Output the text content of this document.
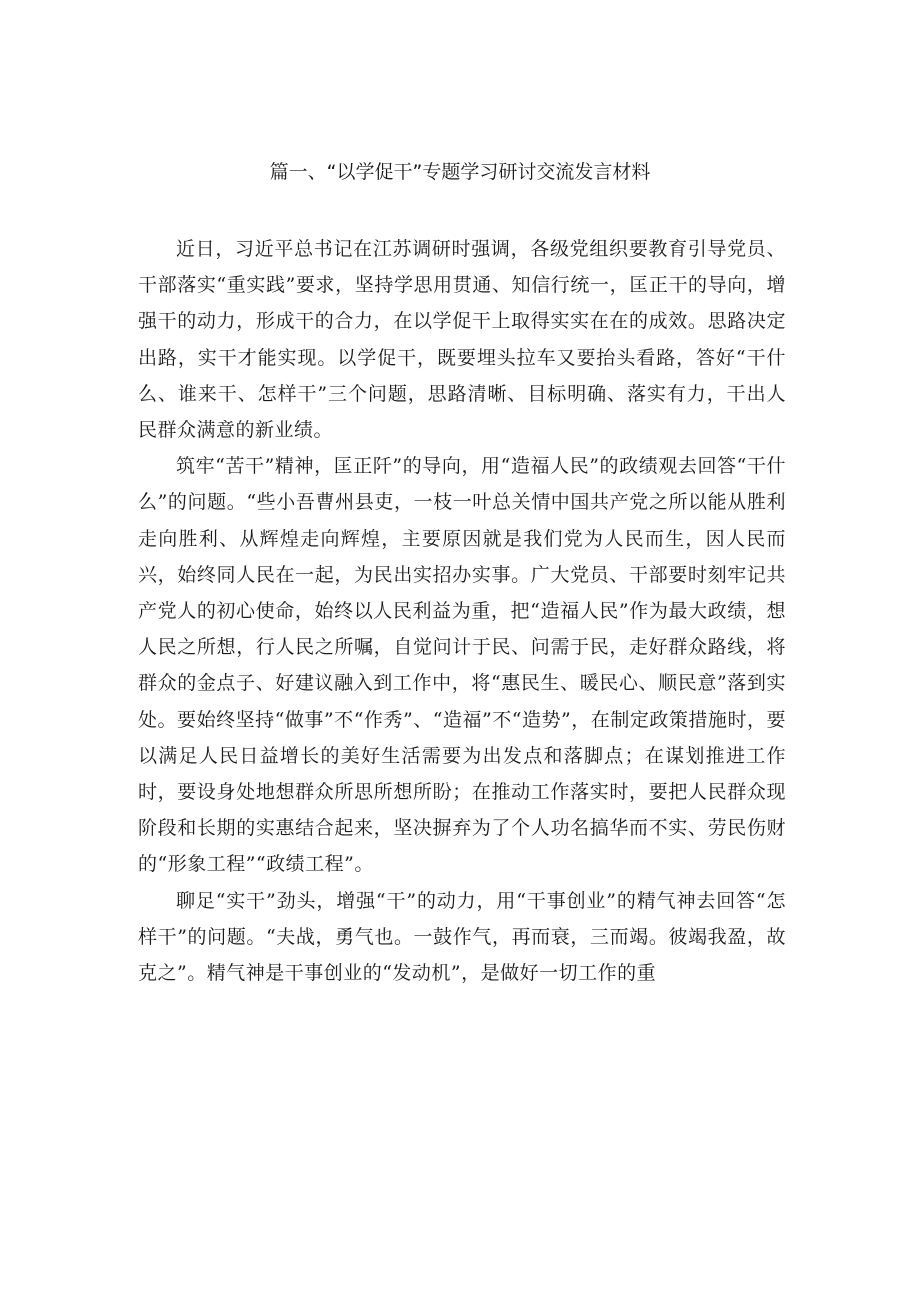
篇一、“以学促干”专题学习研讨交流发言材料

近日，习近平总书记在江苏调研时强调，各级党组织要教育引导党员、干部落实“重实践”要求，坚持学思用贯通、知信行统一，匡正干的导向，增强干的动力，形成干的合力，在以学促干上取得实实在在的成效。思路决定出路，实干才能实现。以学促干，既要埋头拉车又要抬头看路，答好“干什么、谁来干、怎样干”三个问题，思路清晰、目标明确、落实有力，干出人民群众满意的新业绩。

筑牢“苦干”精神，匡正阡”的导向，用“造福人民”的政绩观去回答“干什么”的问题。“些小吾曹州县吏，一枝一叶总关情中国共产党之所以能从胜利走向胜利、从辉煌走向辉煌，主要原因就是我们党为人民而生，因人民而兴，始终同人民在一起，为民出实招办实事。广大党员、干部要时刻牢记共产党人的初心使命，始终以人民利益为重，把“造福人民”作为最大政绩，想人民之所想，行人民之所嘱，自觉问计于民、问需于民，走好群众路线，将群众的金点子、好建议融入到工作中，将“惠民生、暖民心、顺民意”落到实处。要始终坚持“做事”不“作秀”、“造福”不“造势”，在制定政策措施时，要以满足人民日益增长的美好生活需要为出发点和落脚点；在谋划推进工作时，要设身处地想群众所思所想所盼；在推动工作落实时，要把人民群众现阶段和长期的实惠结合起来，坚决摒弃为了个人功名搞华而不实、劳民伤财的“形象工程”“政绩工程”。

聊足“实干”劲头，增强“干”的动力，用“干事创业”的精气神去回答“怎样干”的问题。“夫战，勇气也。一鼓作气，再而衰，三而竭。彼竭我盈，故克之”。精气神是干事创业的“发动机”，是做好一切工作的重
